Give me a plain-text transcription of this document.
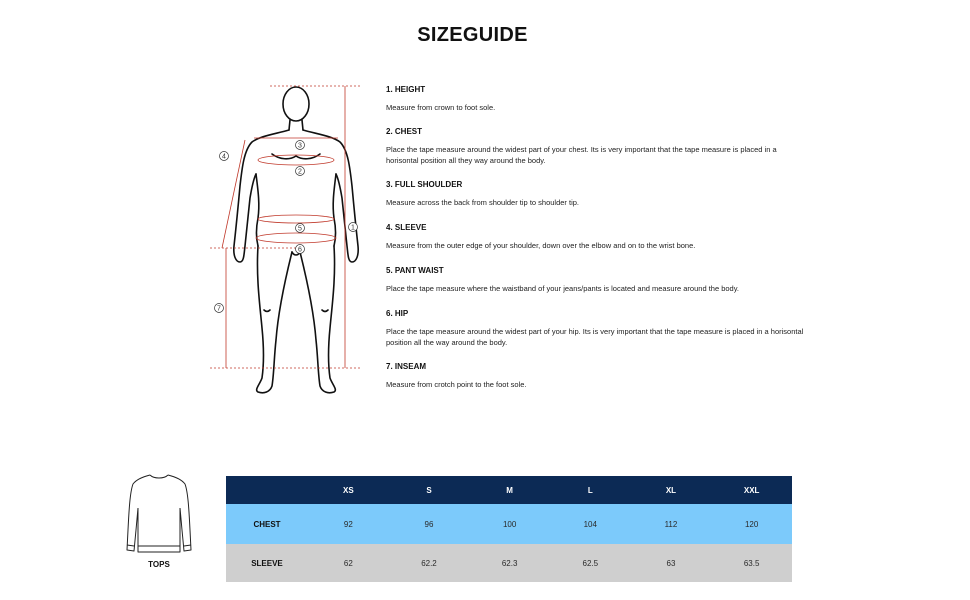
SIZEGUIDE
3
2
4
1
5
6
7

1. HEIGHT

Measure from crown to foot sole.

2. CHEST

Place the tape measure around the widest part of your chest. Its is very important that the tape measure is placed in a horisontal position all they way around the body.

3. FULL SHOULDER

Measure across the back from shoulder tip to shoulder tip.

4. SLEEVE

Measure from the outer edge of your shoulder, down over the elbow and on to the wrist bone.

5. PANT WAIST

Place the tape measure where the waistband of your jeans/pants is located and measure around the body.

6. HIP

Place the tape measure around the widest part of your hip. Its is very important that the tape measure is placed in a horisontal position all the way around the body.

7. INSEAM

Measure from crotch point to the foot sole.

TOPS
	XS	S	M	L	XL	XXL
CHEST	92	96	100	104	112	120
SLEEVE	62	62.2	62.3	62.5	63	63.5
